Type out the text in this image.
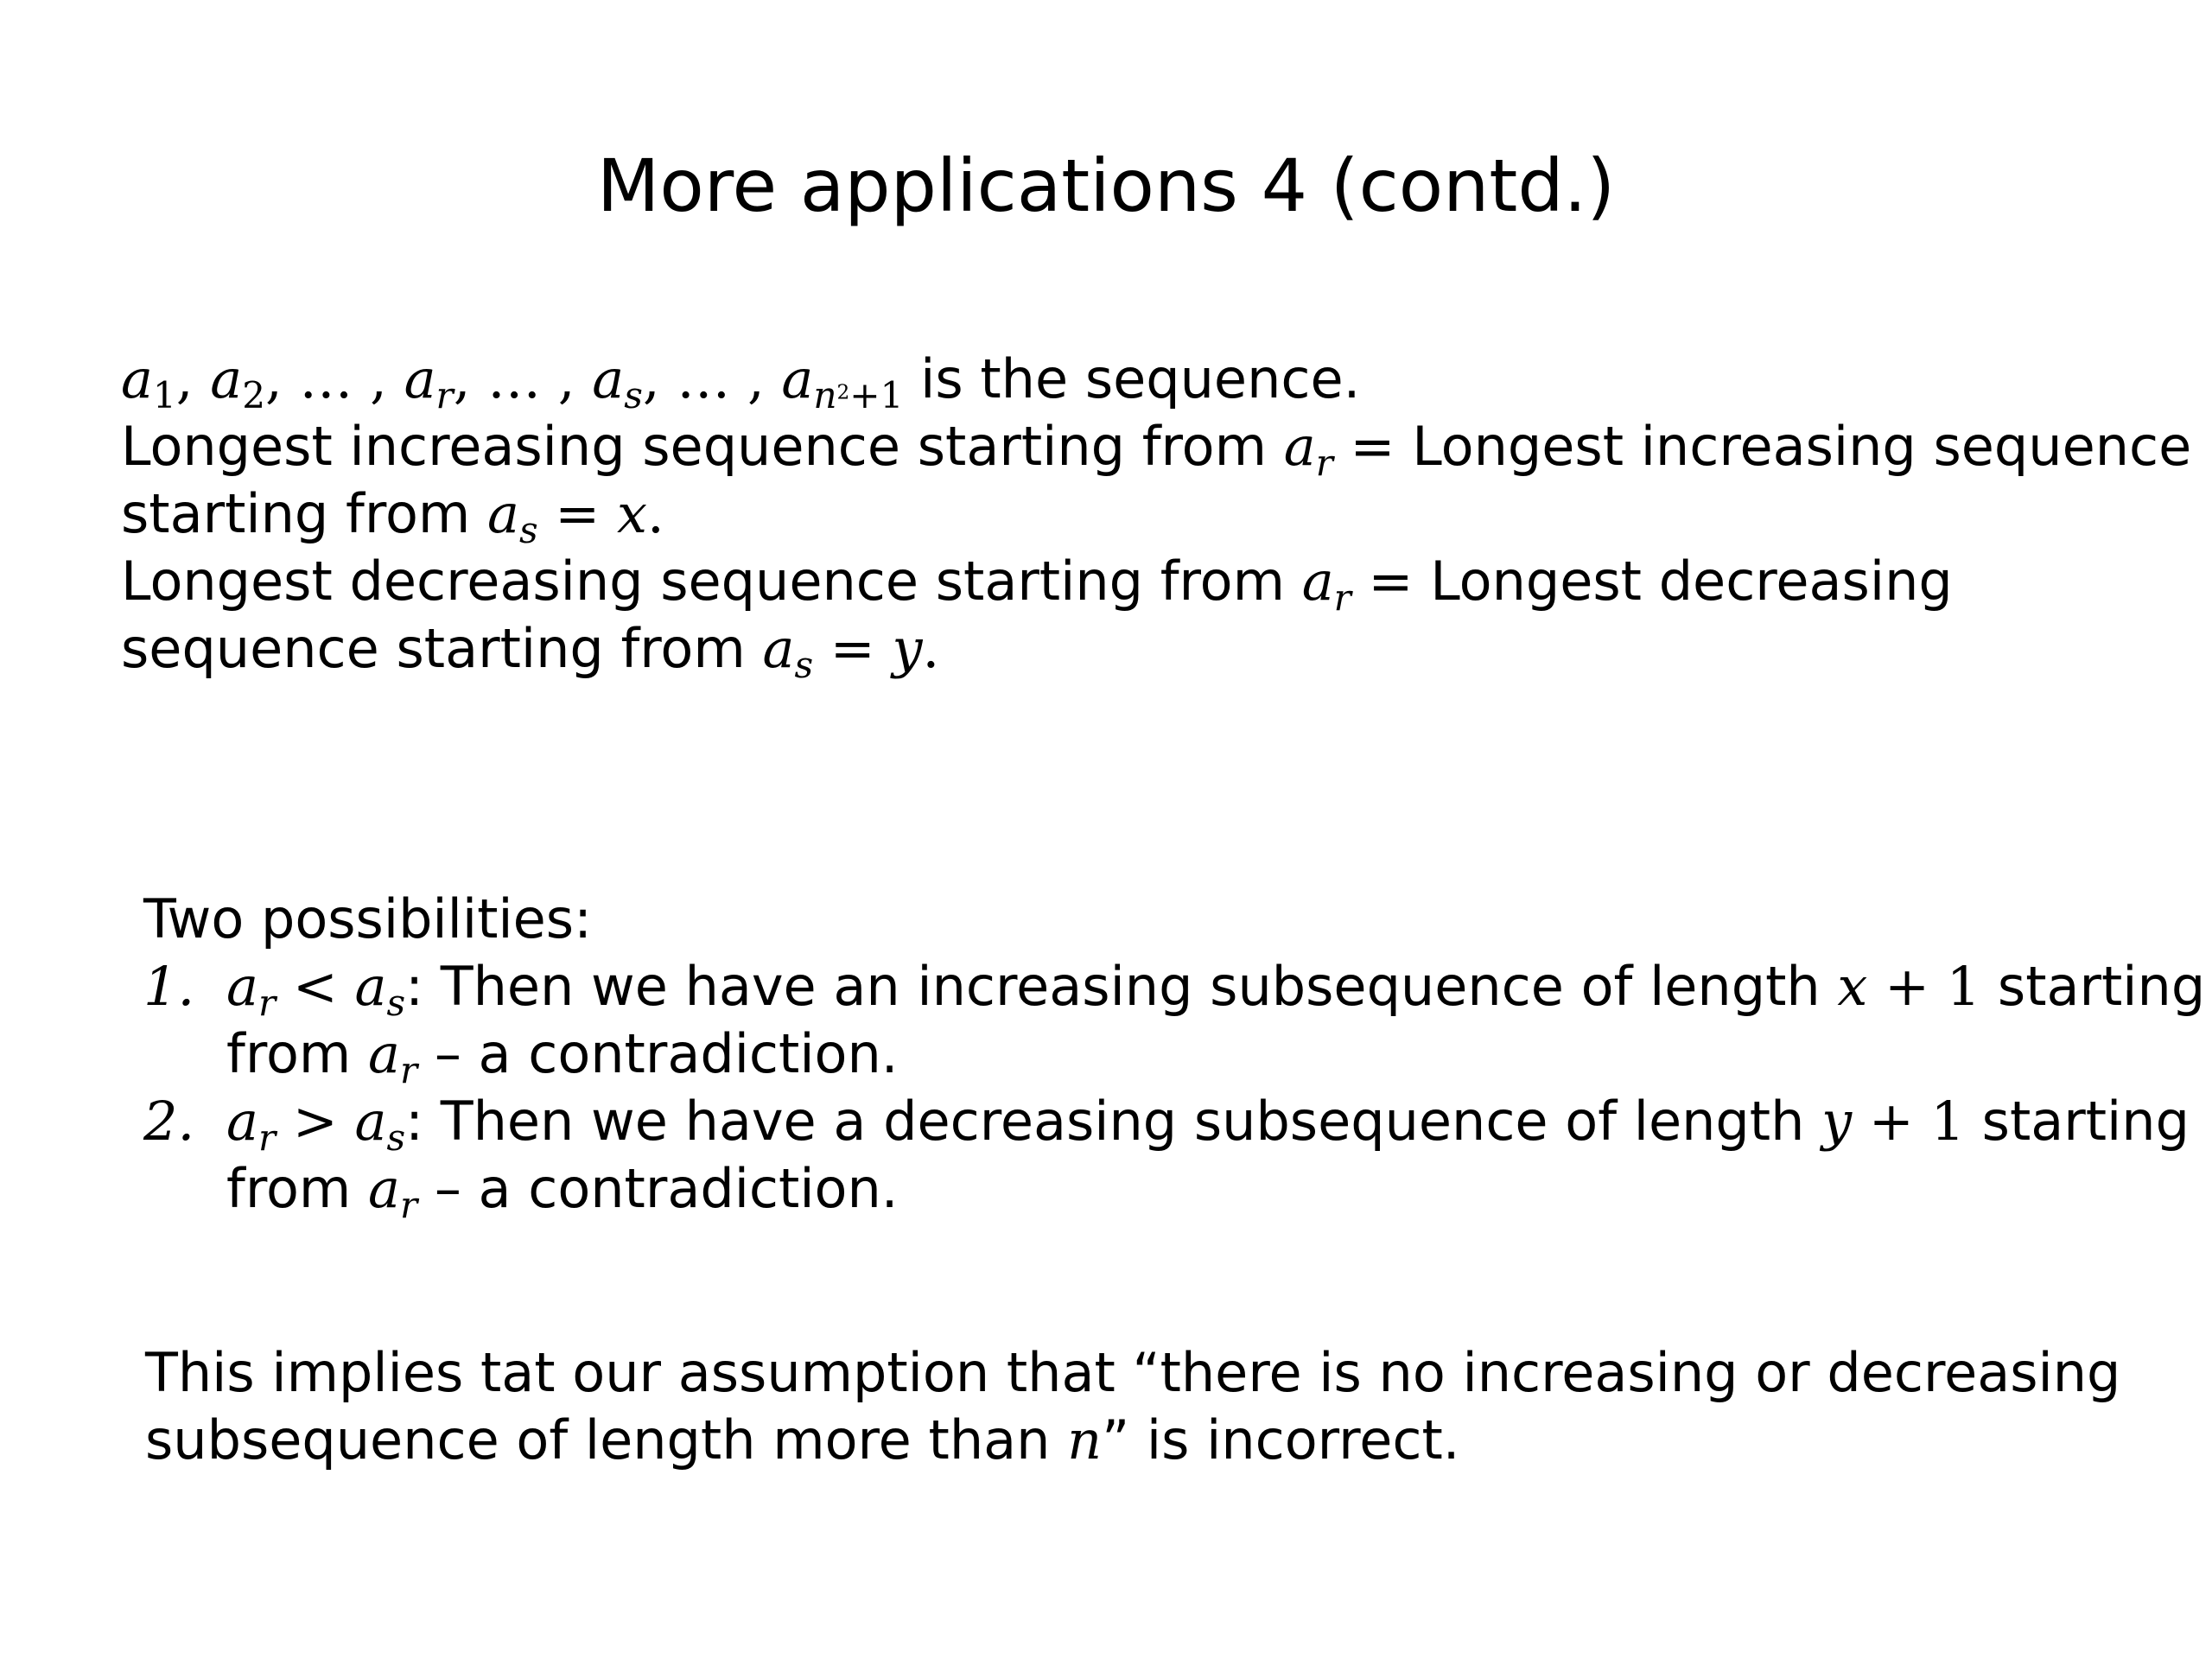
More applications 4 (contd.)
$a_1$, $a_2$, … , $a_r$, … , $a_s$, … , $a_{n^2+1}$ is the sequence.
Longest increasing sequence starting from $a_r$ = Longest increasing sequence
starting from $a_s = x$.
Longest decreasing sequence starting from $a_r$ = Longest decreasing
sequence starting from $a_s = y$.
Two possibilities:
1. $a_r < a_s$: Then we have an increasing subsequence of length x + 1 starting
from $a_r$ – a contradiction.
2. $a_r > a_s$: Then we have a decreasing subsequence of length y + 1 starting
from $a_r$ – a contradiction.
This implies tat our assumption that “there is no increasing or decreasing
subsequence of length more than n” is incorrect.
